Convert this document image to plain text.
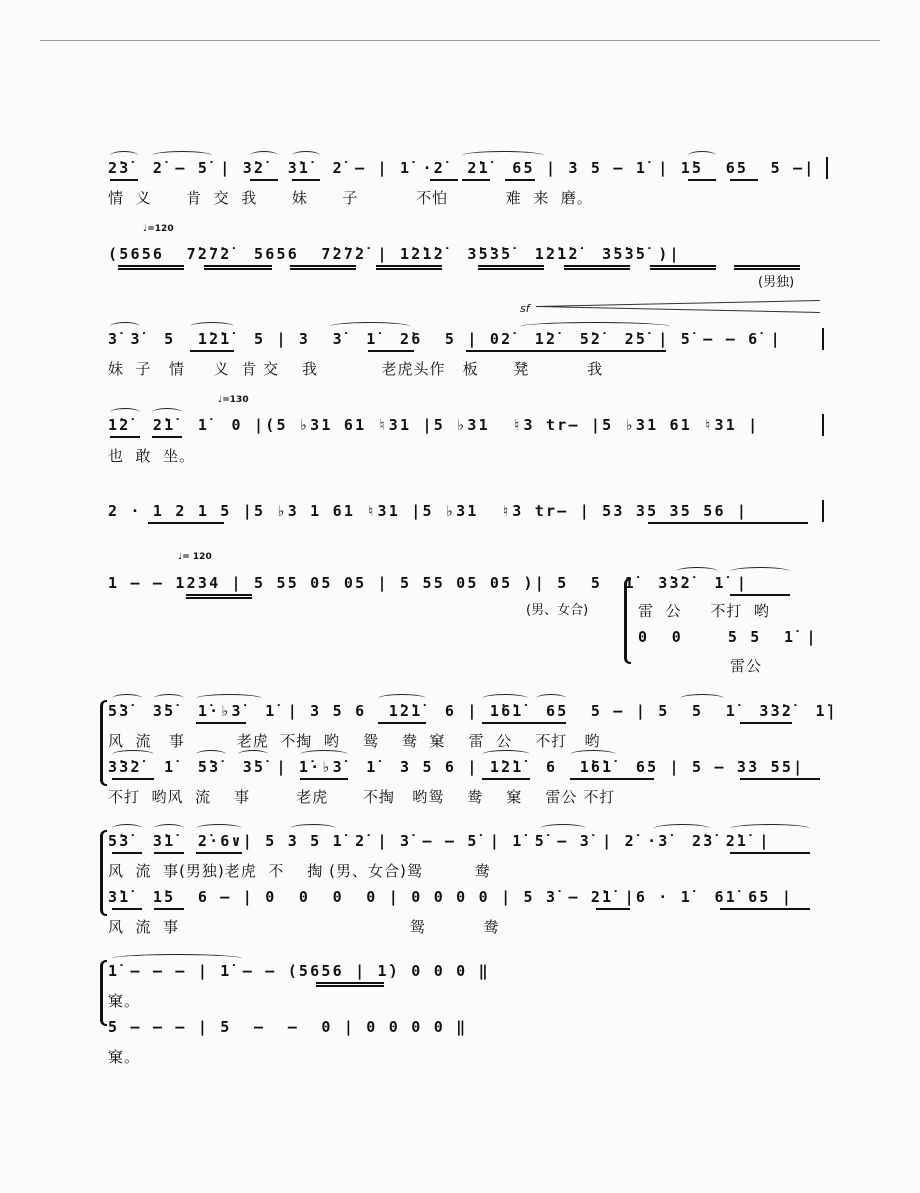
2̇3̇  2̇ — 5̇ | 3̇2̇  3̇1̇  2̇ — | 1̇ ·2̇  2̇1̇  65 | 3 5 — 1̇ | 1̇5  65  5 —|
情  义      肯  交  我      妹      子          不怕          难  来  磨。
♩=120
(5656  7̇2̇7̇2̇  5656  7̇2̇7̇2̇ | 1̇2̇1̇2̇  3̇5̇3̇5̇  1̇2̇1̇2̇  3̇5̇3̇5̇ )|
(男独)
sf
3̇ 3̇  5  1̇2̇1̇  5 | 3  3̇  1̇  2̇6  5 | 02̇  1̇2̇  5̇2̇  2̇5̇ | 5̇ — — 6̇ |
妹  子   情     义  肯 交    我           老虎头作   板      凳          我
♩=130
1̇2̇  2̇1̇  1̇  0 |(5 ♭31 61 ♮31 |5 ♭31  ♮3 tr— |5 ♭31 61 ♮31 |
也  敢  坐。
2 · 1 2 1 5 |5 ♭3 1 61 ♮31 |5 ♭31  ♮3 tr— | 53 35 35 56 |
♩= 120
1 — — 1234 | 5 55 05 05 | 5 55 05 05 )| 5  5  1̇  3̇3̇2̇  1̇ |
(男、女合)	雷  公     不打  哟
0  0    5 5  1̇ |
雷公
5̇3̇  3̇5̇  1̇·♭3̇  1̇ | 3 5 6  1̇2̇1̇  6 | 1̇6̇1̇  65  5 — | 5  5  1̇  3̇3̇2̇  1̇|
风  流   事         老虎  不掏  哟    鸳    鸯  窠    雷  公    不打   哟
3̇3̇2̇  1̇  5̇3̇  3̇5̇ | 1̇·♭3̇  1̇  3 5 6 | 1̇2̇1̇  6  1̇6̇1̇  65 | 5 — 33 55|
不打  哟风  流    事        老虎      不掏   哟鸳    鸯    窠    雷公 不打
5̇3̇  3̇1̇  2̇·6∨| 5 3 5 1̇ 2̇ | 3̇ — — 5̇ | 1̇ 5̇ — 3̇ | 2̇ ·3̇  2̇3̇ 2̇1̇ |
风  流  事(男独)老虎  不    掏 (男、女合)鸳         鸯
3̇1̇  1̇5  6 — | 0  0  0  0 | 0 0 0 0 | 5 3̇ — 2̇1̇ |6 · 1̇  61̇ 65 |
风  流  事                                        鸳          鸯
1̇ — — — | 1̇ — — (5656 | 1̇) 0 0 0 ‖
窠。
5 — — — | 5  —  —  0 | 0 0 0 0 ‖
窠。
